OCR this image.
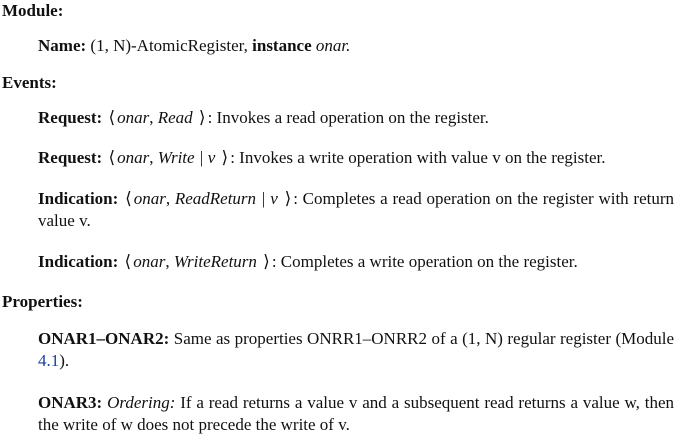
Module:
Name: (1, N)-AtomicRegister, instance onar.
Events:
Request: ⟨ onar, Read ⟩ : Invokes a read operation on the register.
Request: ⟨ onar, Write | v ⟩ : Invokes a write operation with value v on the register.
Indication: ⟨ onar, ReadReturn | v ⟩ : Completes a read operation on the register with return value v.
Indication: ⟨ onar, WriteReturn ⟩ : Completes a write operation on the register.
Properties:
ONAR1–ONAR2: Same as properties ONRR1–ONRR2 of a (1, N) regular register (Module 4.1).
ONAR3: Ordering: If a read returns a value v and a subsequent read returns a value w, then the write of w does not precede the write of v.
